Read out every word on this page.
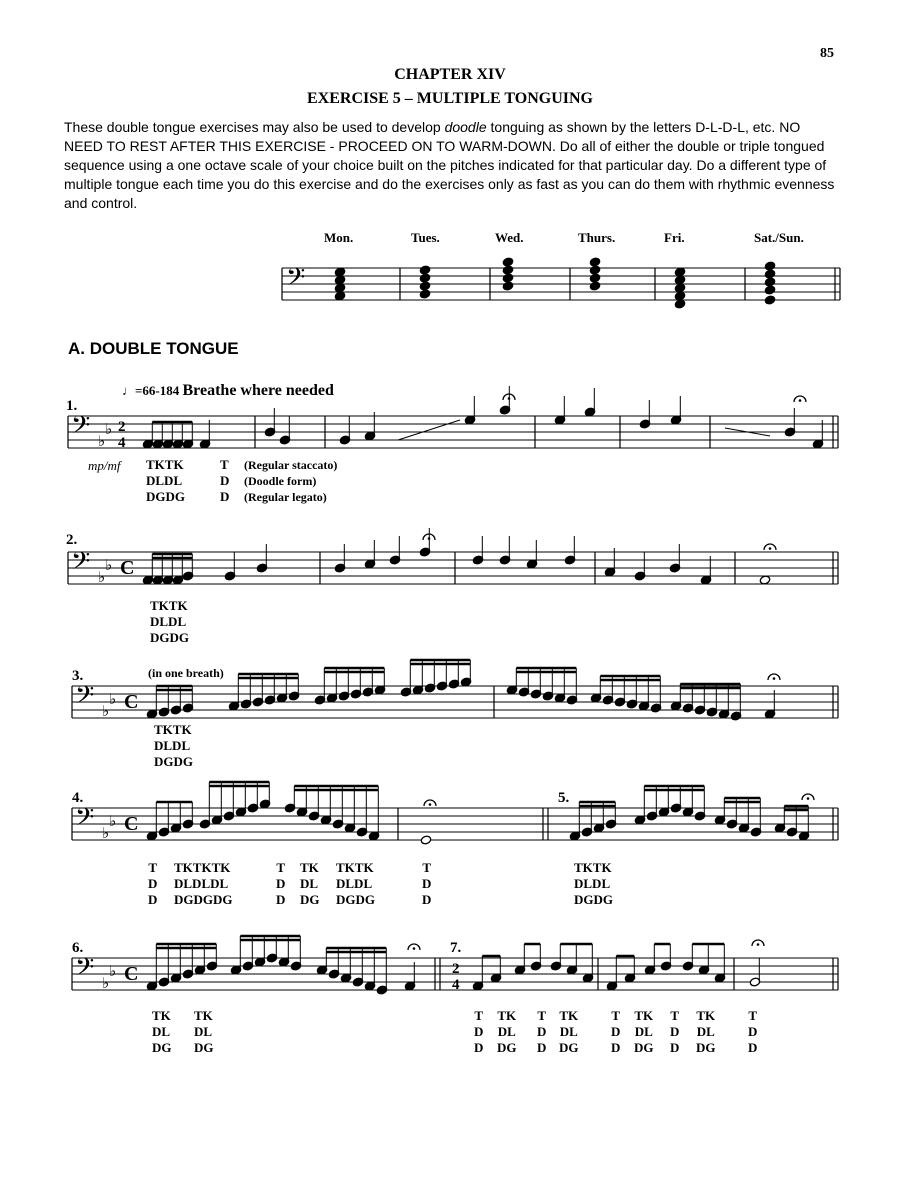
85
CHAPTER XIV
EXERCISE 5 – MULTIPLE TONGUING
These double tongue exercises may also be used to develop doodle tonguing as shown by the letters D-L-D-L, etc. NO NEED TO REST AFTER THIS EXERCISE - PROCEED ON TO WARM-DOWN. Do all of either the double or triple tongued sequence using a one octave scale of your choice built on the pitches indicated for that particular day. Do a different type of multiple tongue each time you do this exercise and do the exercises only as fast as you can do them with rhythmic evenness and control.
Mon.	Tues.	Wed.	Thurs.	Fri.	Sat./Sun.
A. DOUBLE TONGUE
♩=66-184 Breathe where needed
1.
2.
3.
4.	5.
6.	7.
(in one breath)
mp/mf TKTK
DLDL
DGDG
T
D
D
(Regular staccato)
(Doodle form)
(Regular legato)
TKTK
DLDL
DGDG
TKTK
DLDL
DGDG
T
D
D
TKTKTK
DLDLDL
DGDGDG
T
D
D
TK
DL
DG
TKTK
DLDL
DGDG
T
D
D
TKTK
DLDL
DGDG
TK
DL
DG
TK
DL
DG
T
D
D
TK
DL
DG
T
D
D
TK
DL
DG
T
D
D
TK
DL
DG
T
D
D
TK
DL
DG
T
D
D
𝄢
𝄢 ♭
♭ 2
4
𝄢 ♭
♭ C
𝄢 ♭
♭ C
𝄢 ♭
♭ C
𝄢 ♭
♭ C	2
4
